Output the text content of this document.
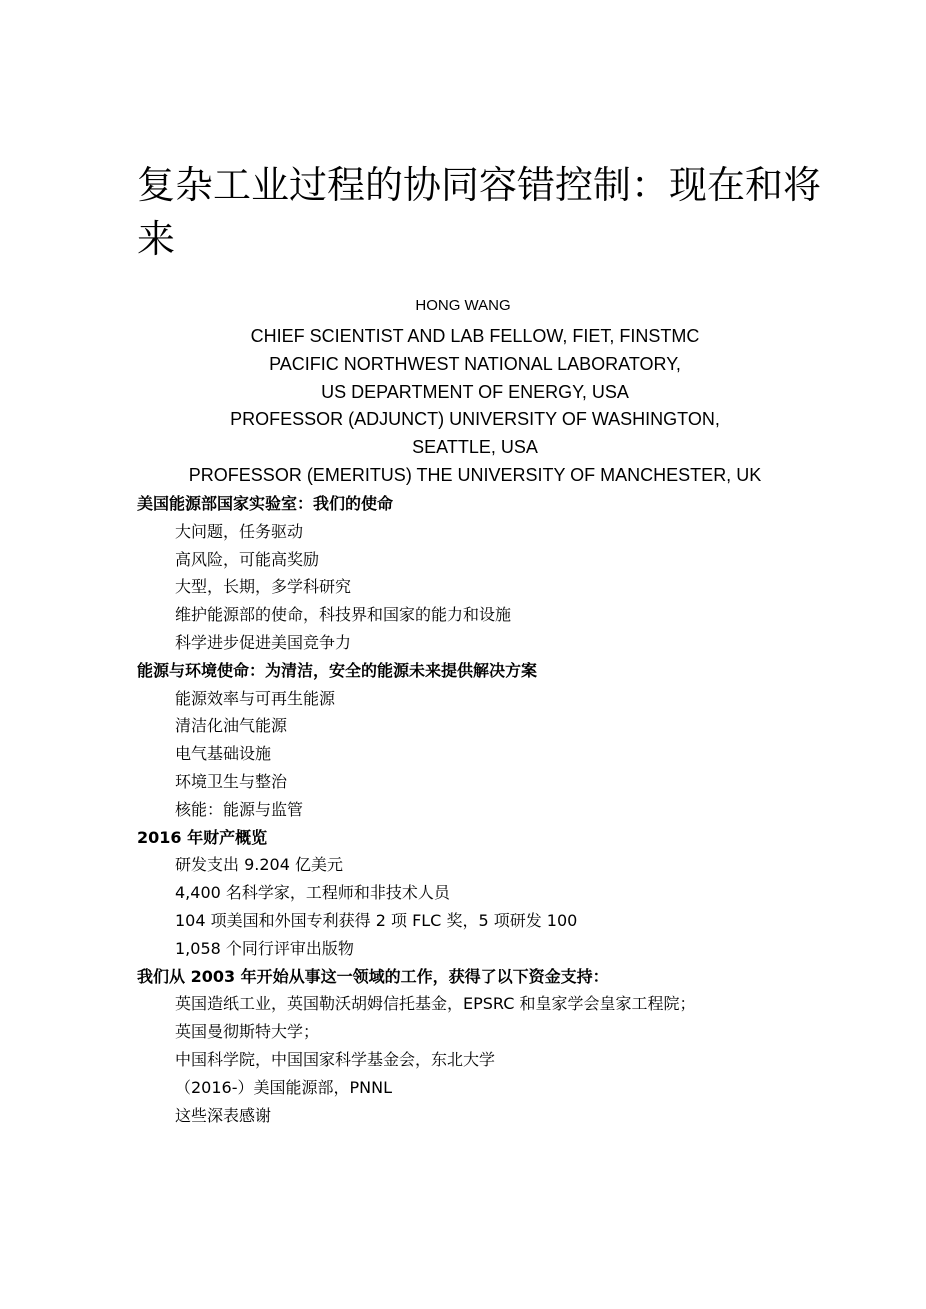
复杂工业过程的协同容错控制：现在和将来
HONG WANG
CHIEF SCIENTIST AND LAB FELLOW, FIET, FINSTMC
PACIFIC NORTHWEST NATIONAL LABORATORY,
US DEPARTMENT OF ENERGY, USA
PROFESSOR (ADJUNCT) UNIVERSITY OF WASHINGTON,
SEATTLE, USA
PROFESSOR (EMERITUS) THE UNIVERSITY OF MANCHESTER, UK
美国能源部国家实验室：我们的使命
大问题，任务驱动
高风险，可能高奖励
大型，长期，多学科研究
维护能源部的使命，科技界和国家的能力和设施
科学进步促进美国竞争力
能源与环境使命：为清洁，安全的能源未来提供解决方案
能源效率与可再生能源
清洁化油气能源
电气基础设施
环境卫生与整治
核能：能源与监管
2016 年财产概览
研发支出 9.204 亿美元
4,400 名科学家，工程师和非技术人员
104 项美国和外国专利获得 2 项 FLC 奖，5 项研发 100
1,058 个同行评审出版物
我们从 2003 年开始从事这一领域的工作，获得了以下资金支持：
英国造纸工业，英国勒沃胡姆信托基金，EPSRC 和皇家学会皇家工程院；
英国曼彻斯特大学；
中国科学院，中国国家科学基金会，东北大学
（2016-）美国能源部，PNNL
这些深表感谢
